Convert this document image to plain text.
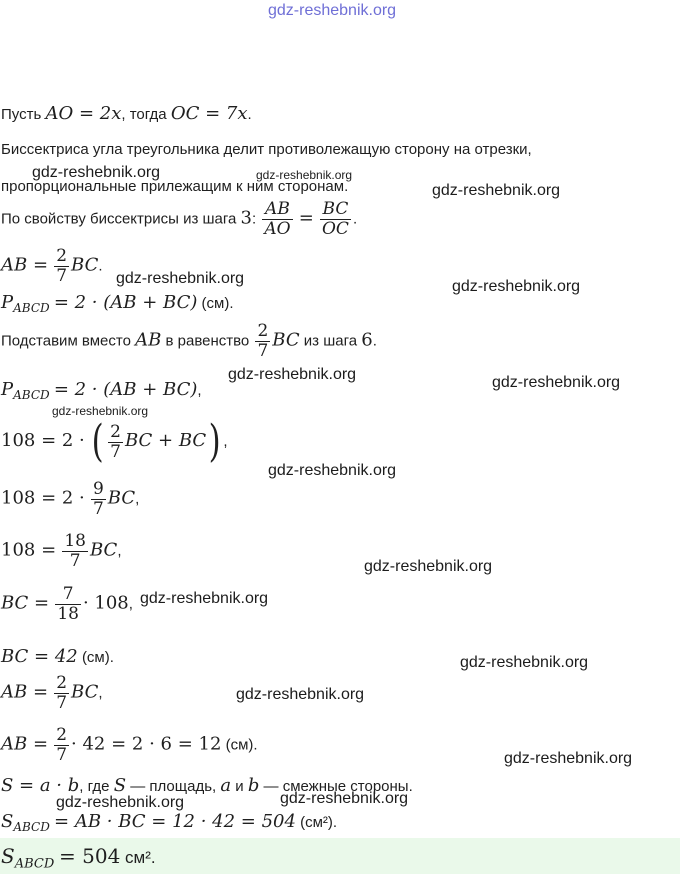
gdz-reshebnik.org
Пусть AO = 2x, тогда OC = 7x.
Биссектриса угла треугольника делит противолежащую сторону на отрезки,
пропорциональные прилежащим к ним сторонам.
По свойству биссектрисы из шага 3: $\frac{AB}{AO} = \frac{BC}{OC}$ .
AB = $\frac{2}{7}$ BC.
$P_{ABCD} = 2 \cdot (AB + BC)$ (см).
Подставим вместо AB в равенство $\frac{2}{7}$ BC из шага 6.
$P_{ABCD} = 2 \cdot (AB + BC)$,
108 = 2 · ( $\frac{2}{7}$ BC + BC) ,
$108 = 2 \cdot \frac{9}{7}$ BC,
$108 = \frac{18}{7}$ BC,
BC = $\frac{7}{18} \cdot 108$,
BC = 42 (см).
AB = $\frac{2}{7}$ BC,
AB = $\frac{2}{7} \cdot 42 = 2 \cdot 6 = 12$ (см).
S = a · b, где S — площадь, a и b — смежные стороны.
$S_{ABCD}$ = AB · BC = 12 · 42 = 504 (см²).
$S_{ABCD} = 504$ см².
gdz-reshebnik.org	gdz-reshebnik.org
gdz-reshebnik.org
gdz-reshebnik.org	gdz-reshebnik.org
gdz-reshebnik.org	gdz-reshebnik.org
gdz-reshebnik.org
gdz-reshebnik.org
gdz-reshebnik.org
gdz-reshebnik.org
gdz-reshebnik.org
gdz-reshebnik.org
gdz-reshebnik.org
gdz-reshebnik.org	gdz-reshebnik.org
